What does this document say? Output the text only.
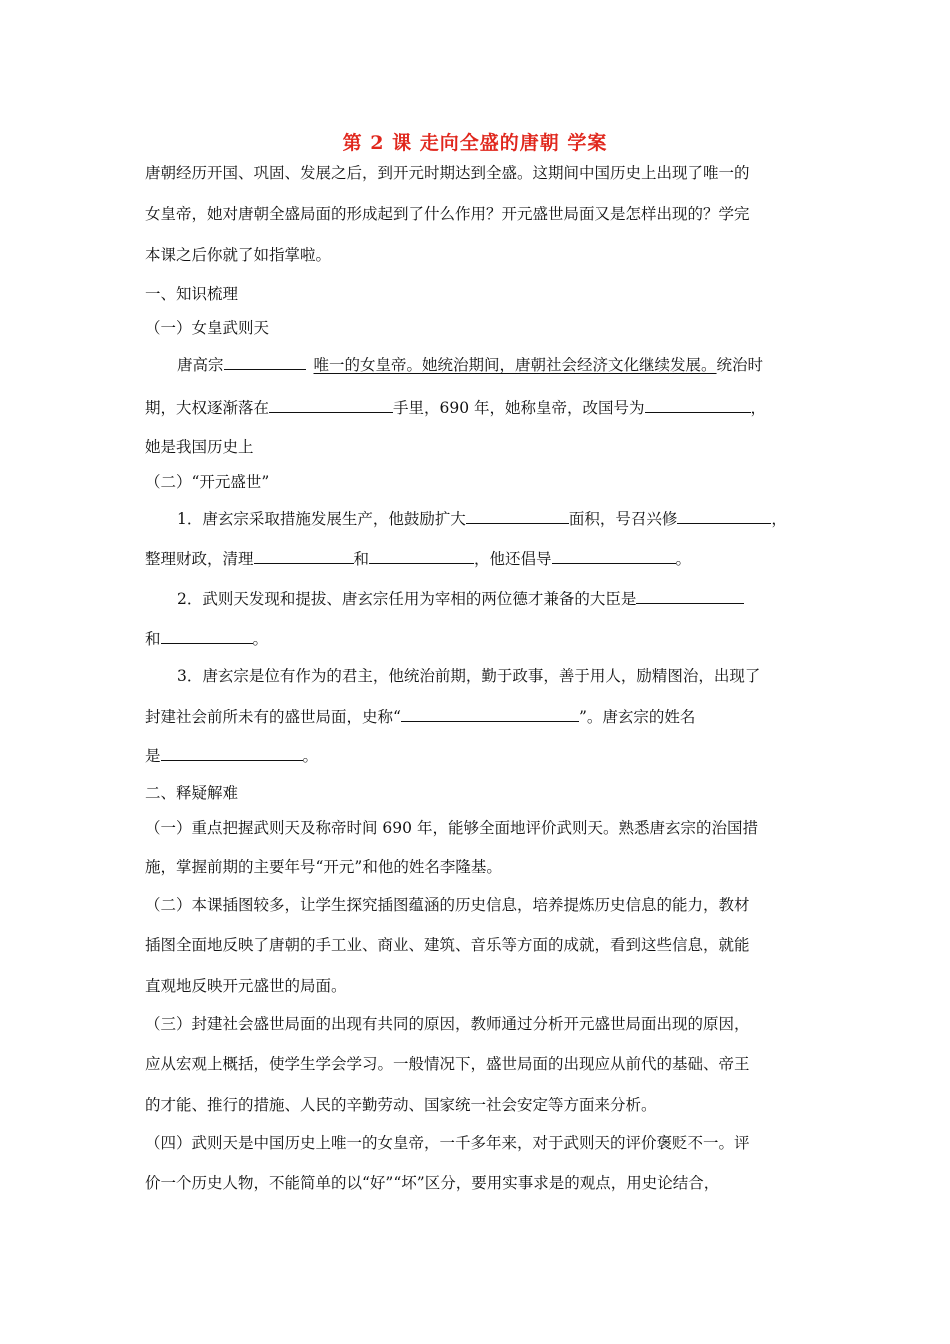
第 2 课 走向全盛的唐朝 学案
唐朝经历开国、巩固、发展之后，到开元时期达到全盛。这期间中国历史上出现了唯一的
女皇帝，她对唐朝全盛局面的形成起到了什么作用？开元盛世局面又是怎样出现的？学完
本课之后你就了如指掌啦。
一、知识梳理
（一）女皇武则天
唐高宗	唯一的女皇帝。她统治期间，唐朝社会经济文化继续发展。统治时
期，大权逐渐落在	手里，690 年，她称皇帝，改国号为	，
她是我国历史上
（二）“开元盛世”
1．唐玄宗采取措施发展生产，他鼓励扩大	面积，号召兴修	，
整理财政，清理	和	，他还倡导	。
2．武则天发现和提拔、唐玄宗任用为宰相的两位德才兼备的大臣是
和	。
3．唐玄宗是位有作为的君主，他统治前期，勤于政事，善于用人，励精图治，出现了
封建社会前所未有的盛世局面，史称“	”。唐玄宗的姓名
是	。
二、释疑解难
（一）重点把握武则天及称帝时间 690 年，能够全面地评价武则天。熟悉唐玄宗的治国措
施，掌握前期的主要年号“开元”和他的姓名李隆基。
（二）本课插图较多，让学生探究插图蕴涵的历史信息，培养提炼历史信息的能力，教材
插图全面地反映了唐朝的手工业、商业、建筑、音乐等方面的成就，看到这些信息，就能
直观地反映开元盛世的局面。
（三）封建社会盛世局面的出现有共同的原因，教师通过分析开元盛世局面出现的原因，
应从宏观上概括，使学生学会学习。一般情况下，盛世局面的出现应从前代的基础、帝王
的才能、推行的措施、人民的辛勤劳动、国家统一社会安定等方面来分析。
（四）武则天是中国历史上唯一的女皇帝，一千多年来，对于武则天的评价褒贬不一。评
价一个历史人物，不能简单的以“好”“坏”区分，要用实事求是的观点，用史论结合，
